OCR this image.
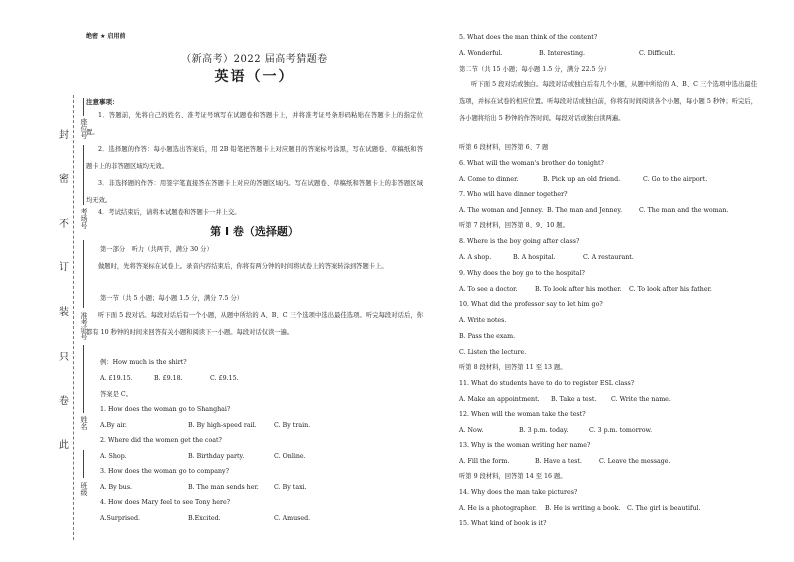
封
密
不
订
装
只
卷
此
座位号
考场号
准考证号
姓名
班级
绝密 ★ 启用前
（新高考）2022 届高考猜题卷
英语（一）
注意事项：
1．答题前，先将自己的姓名、准考证号填写在试题卷和答题卡上，并将准考证号条形码粘贴在答题卡上的指定位置。
2．选择题的作答：每小题选出答案后，用 2B 铅笔把答题卡上对应题目的答案标号涂黑，写在试题卷、草稿纸和答题卡上的非答题区域均无效。
3．非选择题的作答：用签字笔直接答在答题卡上对应的答题区域内。写在试题卷、草稿纸和答题卡上的非答题区域均无效。
4．考试结束后，请将本试题卷和答题卡一并上交。
第 I 卷（选择题）
第一部分　听力（共两节，满分 30 分）
做题时，先将答案标在试卷上。录音内容结束后，你将有两分钟的时间将试卷上的答案转涂到答题卡上。
第一节（共 5 小题；每小题 1.5 分，满分 7.5 分）
听下面 5 段对话。每段对话后有一个小题，从题中所给的 A、B、C 三个选项中选出最佳选项。听完每段对话后，你都有 10 秒钟的时间来回答有关小题和阅读下一小题。每段对话仅读一遍。
例：How much is the shirt?
A. £19.15.	B. £9.18.	C. £9.15.
答案是 C。
1. How does the woman go to Shanghai?
A.By air.	B. By high-speed rail.	C. By train.
2. Where did the women get the coat?
A. Shop.	B. Birthday party.	C. Online.
3. How does the woman go to company?
A. By bus.	B. The man sends her. C. By taxi.
4. How does Mary feel to see Tony here?
A.Surprised.	B.Excited.	C. Amused.
5. What does the man think of the content?
A. Wonderful.	B. Interesting.	C. Difficult.
第二节（共 15 小题；每小题 1.5 分，满分 22.5 分）
听下面 5 段对话或独白。每段对话或独白后有几个小题，从题中所给的 A、B、C 三个选项中选出最佳选项，并标在试卷的相应位置。听每段对话或独白前，你将有时间阅读各个小题，每小题 5 秒钟；听完后，各小题将给出 5 秒钟的作答时间。每段对话或独白读两遍。
听第 6 段材料，回答第 6、7 题
6. What will the woman's brother do tonight?
A. Come to dinner.	B. Pick up an old friend.	C. Go to the airport.
7. Who will have dinner together?
A. The woman and Jenney. B. The man and Jenney.	C. The man and the woman.
听第 7 段材料，回答第 8、9、10 题。
8. Where is the boy going after class?
A. A shop.	B. A hospital.	C. A restaurant.
9. Why does the boy go to the hospital?
A. To see a doctor.	B. To look after his mother. C. To look after his father.
10. What did the professor say to let him go?
A. Write notes.
B. Pass the exam.
C. Listen the lecture.
听第 8 段材料，回答第 11 至 13 题。
11. What do students have to do to register ESL class?
A. Make an appointment. B. Take a test. C. Write the name.
12. When will the woman take the test?
A. Now.	B. 3 p.m. today.	C. 3 p.m. tomorrow.
13. Why is the woman writing her name?
A. Fill the form.	B. Have a test.	C. Leave the message.
听第 9 段材料，回答第 14 至 16 题。
14. Why does the man take pictures?
A. He is a photographer. B. He is writing a book. C. The girl is beautiful.
15. What kind of book is it?
